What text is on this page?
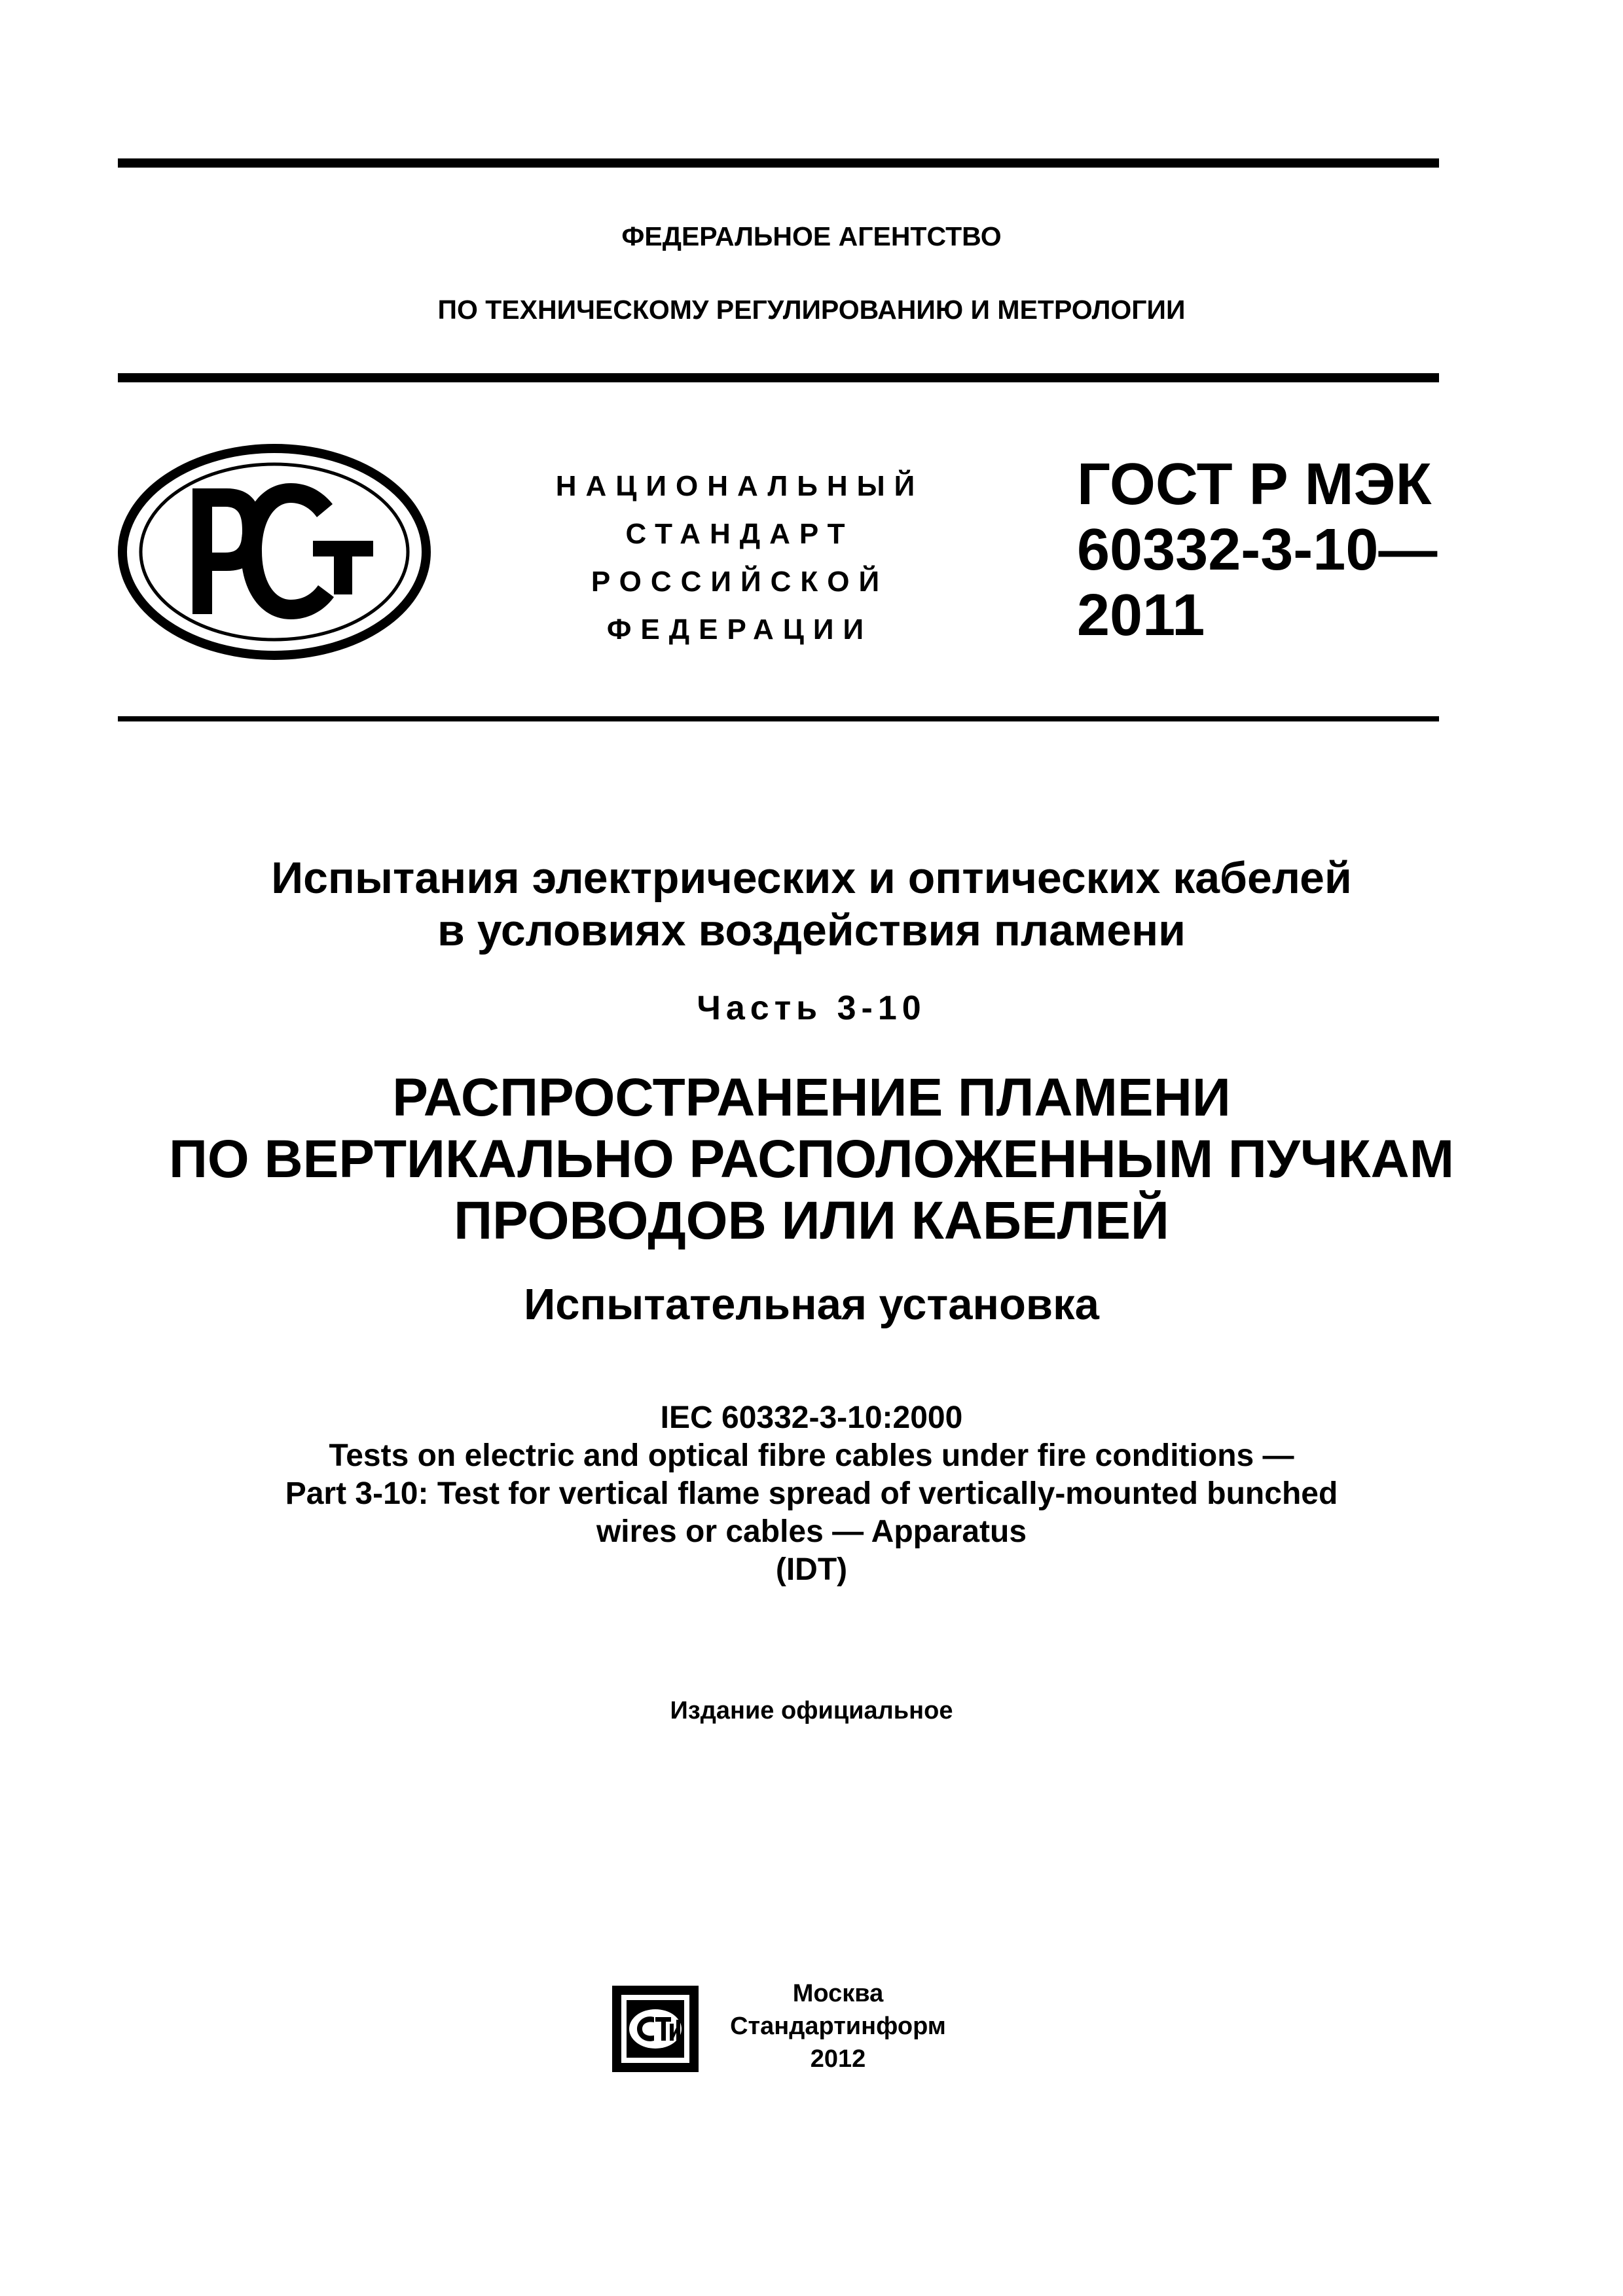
ФЕДЕРАЛЬНОЕ АГЕНТСТВО
ПО ТЕХНИЧЕСКОМУ РЕГУЛИРОВАНИЮ И МЕТРОЛОГИИ
НАЦИОНАЛЬНЫЙ
СТАНДАРТ
РОССИЙСКОЙ
ФЕДЕРАЦИИ
ГОСТ Р МЭК
60332-3-10—
2011
Испытания электрических и оптических кабелей
в условиях воздействия пламени
Часть 3-10
РАСПРОСТРАНЕНИЕ ПЛАМЕНИ
ПО ВЕРТИКАЛЬНО РАСПОЛОЖЕННЫМ ПУЧКАМ
ПРОВОДОВ ИЛИ КАБЕЛЕЙ
Испытательная установка
IEC 60332-3-10:2000
Tests on electric and optical fibre cables under fire conditions —
Part 3-10: Test for vertical flame spread of vertically-mounted bunched
wires or cables — Apparatus
(IDT)
Издание официальное
Москва
Стандартинформ
2012
